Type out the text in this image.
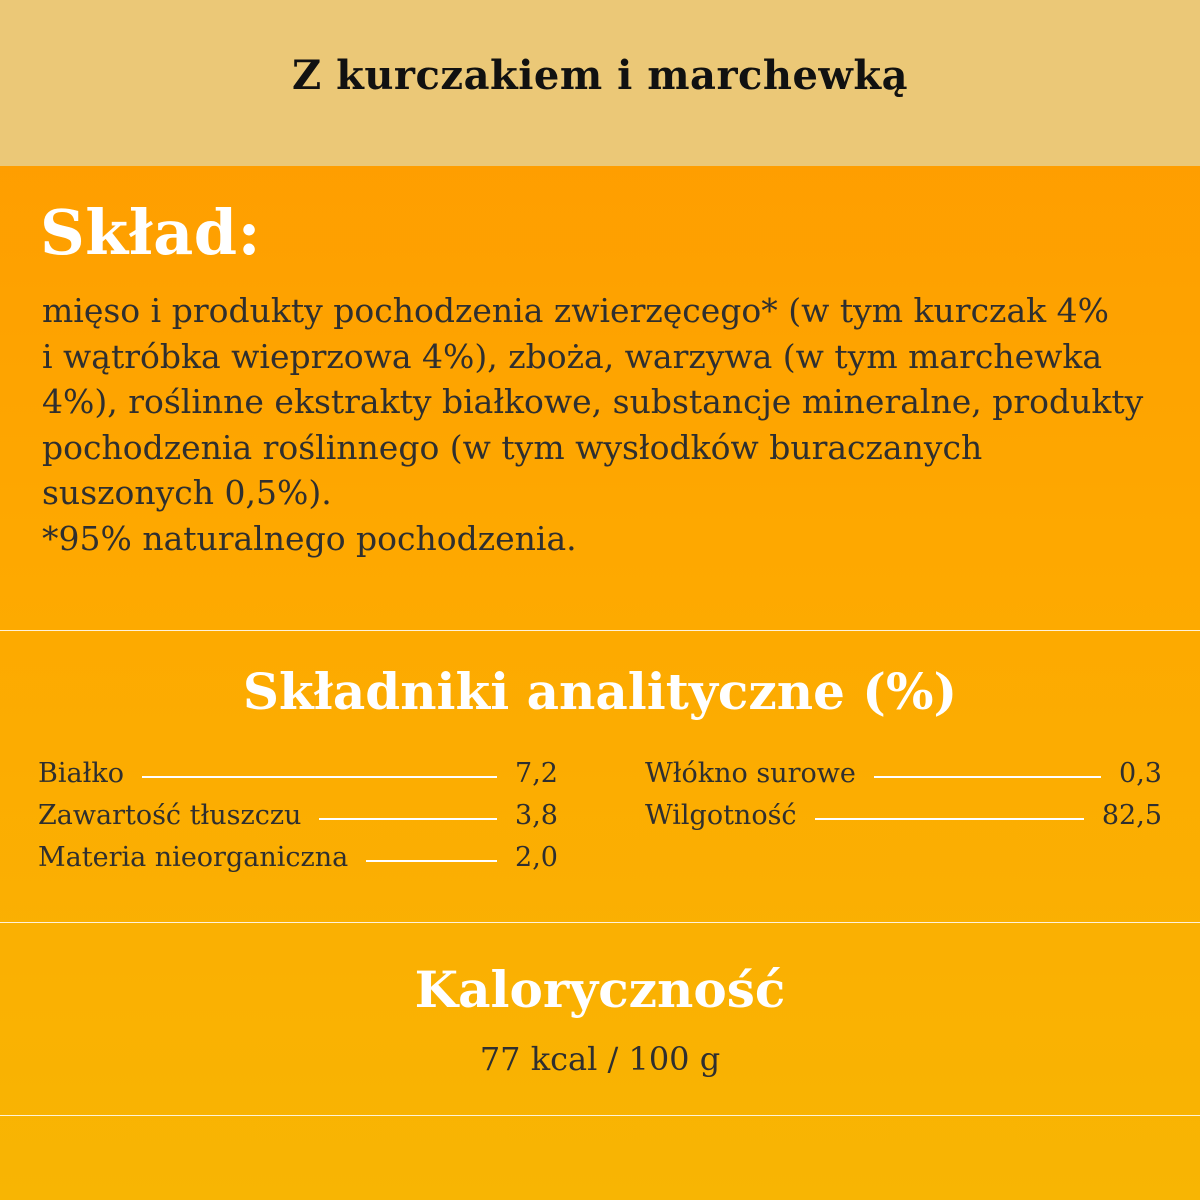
Z kurczakiem i marchewką
Skład:
mięso i produkty pochodzenia zwierzęcego* (w tym kurczak 4%
i wątróbka wieprzowa 4%), zboża, warzywa (w tym marchewka
4%), roślinne ekstrakty białkowe, substancje mineralne, produkty
pochodzenia roślinnego (w tym wysłodków buraczanych
suszonych 0,5%).
*95% naturalnego pochodzenia.
Składniki analityczne (%)
Białko	7,2
Zawartość tłuszczu	3,8
Materia nieorganiczna	2,0
Włókno surowe	0,3
Wilgotność	82,5
Kaloryczność
77 kcal / 100 g
